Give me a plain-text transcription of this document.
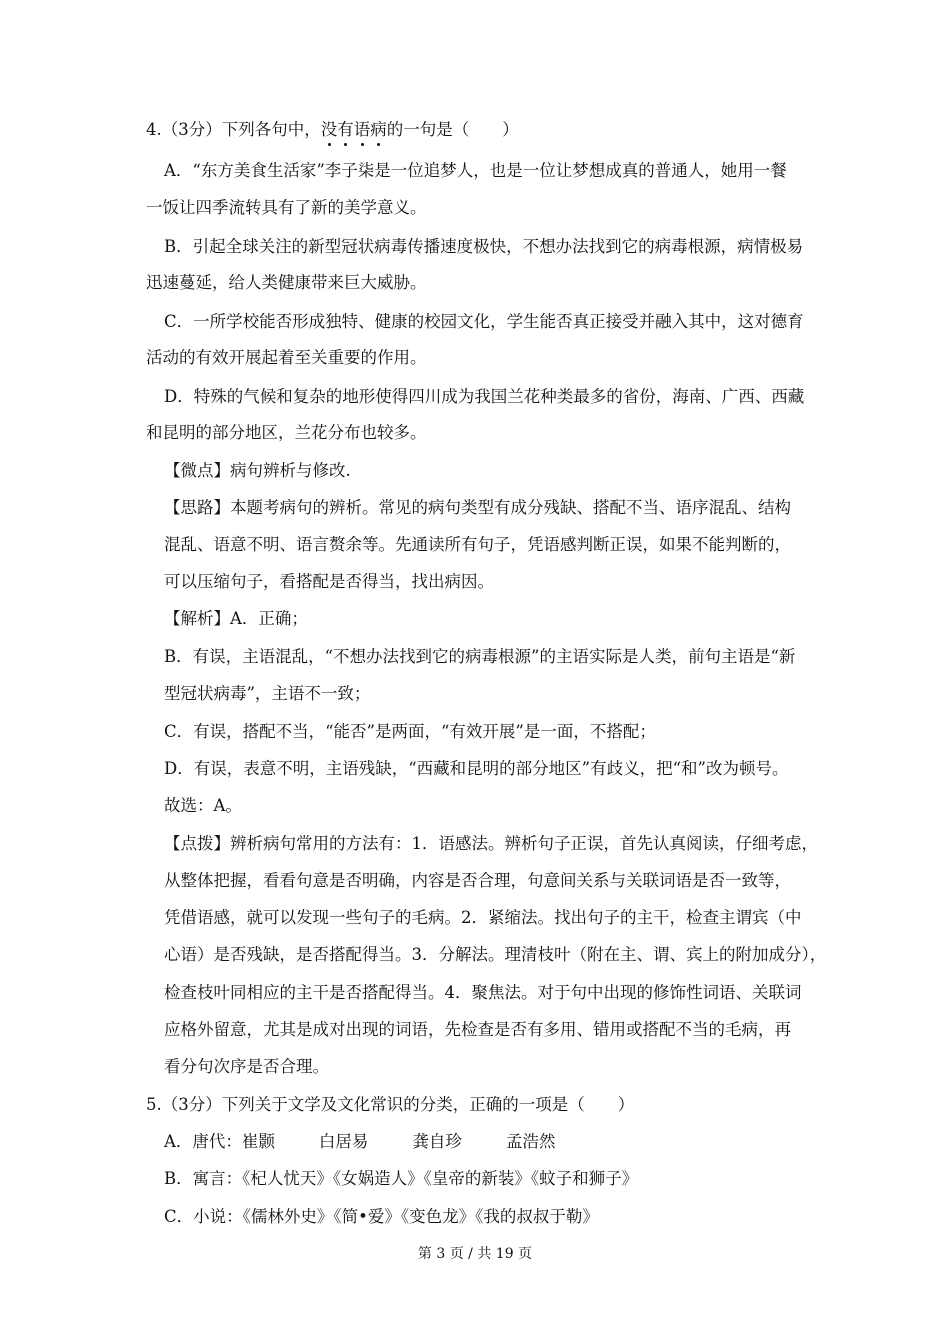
4.（3分）下列各句中，没有语病的一句是（　　）
A．“东方美食生活家”李子柒是一位追梦人，也是一位让梦想成真的普通人，她用一餐
一饭让四季流转具有了新的美学意义。
B．引起全球关注的新型冠状病毒传播速度极快，不想办法找到它的病毒根源，病情极易
迅速蔓延，给人类健康带来巨大威胁。
C．一所学校能否形成独特、健康的校园文化，学生能否真正接受并融入其中，这对德育
活动的有效开展起着至关重要的作用。
D．特殊的气候和复杂的地形使得四川成为我国兰花种类最多的省份，海南、广西、西藏
和昆明的部分地区，兰花分布也较多。
【微点】病句辨析与修改.
【思路】本题考病句的辨析。常见的病句类型有成分残缺、搭配不当、语序混乱、结构
混乱、语意不明、语言赘余等。先通读所有句子，凭语感判断正误，如果不能判断的，
可以压缩句子，看搭配是否得当，找出病因。
【解析】A．正确；
B．有误，主语混乱，“不想办法找到它的病毒根源”的主语实际是人类，前句主语是“新
型冠状病毒”，主语不一致；
C．有误，搭配不当，“能否”是两面，“有效开展”是一面，不搭配；
D．有误，表意不明，主语残缺，“西藏和昆明的部分地区”有歧义，把“和”改为顿号。
故选：A。
【点拨】辨析病句常用的方法有：1．语感法。辨析句子正误，首先认真阅读，仔细考虑，
从整体把握，看看句意是否明确，内容是否合理，句意间关系与关联词语是否一致等，
凭借语感，就可以发现一些句子的毛病。2．紧缩法。找出句子的主干，检查主谓宾（中
心语）是否残缺，是否搭配得当。3．分解法。理清枝叶（附在主、谓、宾上的附加成分），
检查枝叶同相应的主干是否搭配得当。4．聚焦法。对于句中出现的修饰性词语、关联词
应格外留意，尤其是成对出现的词语，先检查是否有多用、错用或搭配不当的毛病，再
看分句次序是否合理。
5.（3分）下列关于文学及文化常识的分类，正确的一项是（　　）
A．唐代：崔颢	白居易	龚自珍	孟浩然
B．寓言：《杞人忧天》《女娲造人》《皇帝的新装》《蚊子和狮子》
C．小说：《儒林外史》《简•爱》《变色龙》《我的叔叔于勒》
第 3 页 / 共 19 页
